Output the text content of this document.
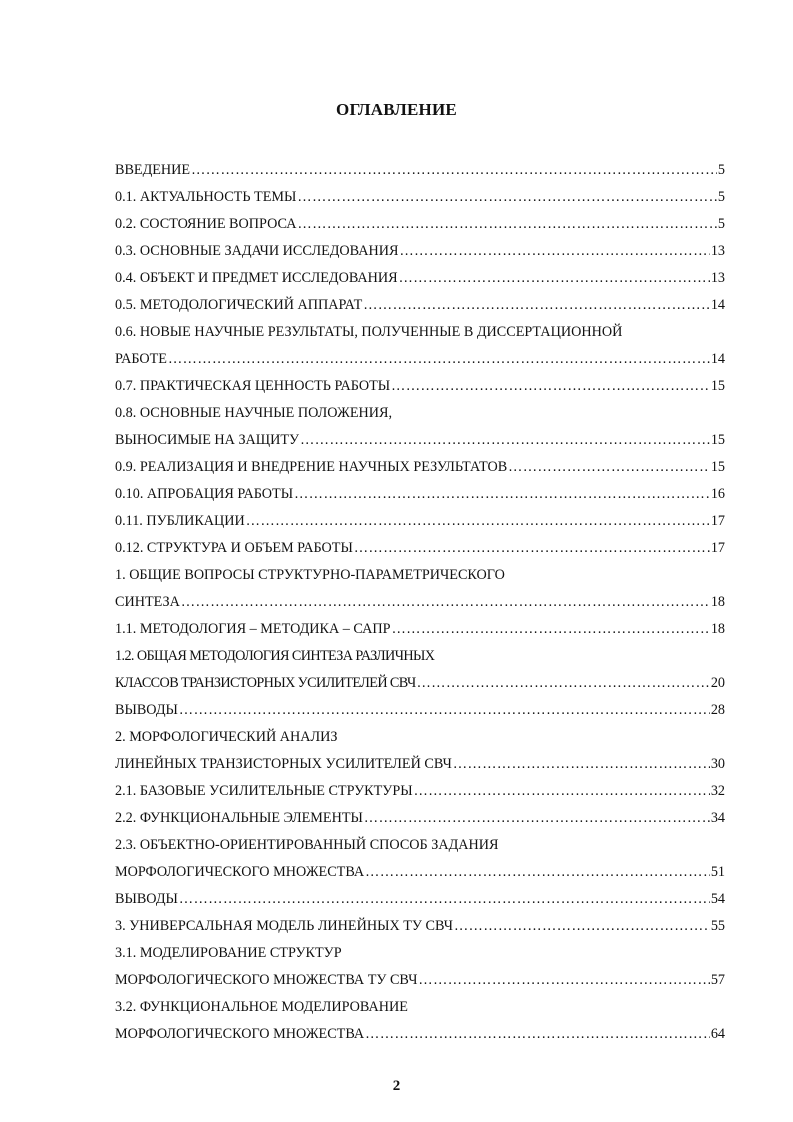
ОГЛАВЛЕНИЕ
ВВЕДЕНИЕ …………………………………………………………………………………………………………………………………………………………………………………	5
0.1. АКТУАЛЬНОСТЬ ТЕМЫ …………………………………………………………………………………………………………………………………………………………………………………	5
0.2. СОСТОЯНИЕ ВОПРОСА …………………………………………………………………………………………………………………………………………………………………………………	5
0.3. ОСНОВНЫЕ ЗАДАЧИ ИССЛЕДОВАНИЯ …………………………………………………………………………………………………………………………………………………………………………………	13
0.4. ОБЪЕКТ И ПРЕДМЕТ ИССЛЕДОВАНИЯ …………………………………………………………………………………………………………………………………………………………………………………	13
0.5. МЕТОДОЛОГИЧЕСКИЙ АППАРАТ …………………………………………………………………………………………………………………………………………………………………………………	14
0.6. НОВЫЕ НАУЧНЫЕ РЕЗУЛЬТАТЫ, ПОЛУЧЕННЫЕ В ДИССЕРТАЦИОННОЙ
РАБОТЕ …………………………………………………………………………………………………………………………………………………………………………………	14
0.7. ПРАКТИЧЕСКАЯ ЦЕННОСТЬ РАБОТЫ …………………………………………………………………………………………………………………………………………………………………………………	15
0.8. ОСНОВНЫЕ НАУЧНЫЕ ПОЛОЖЕНИЯ,
ВЫНОСИМЫЕ НА ЗАЩИТУ …………………………………………………………………………………………………………………………………………………………………………………	15
0.9. РЕАЛИЗАЦИЯ И ВНЕДРЕНИЕ НАУЧНЫХ РЕЗУЛЬТАТОВ …………………………………………………………………………………………………………………………………………………………………………………	15
0.10. АПРОБАЦИЯ РАБОТЫ …………………………………………………………………………………………………………………………………………………………………………………	16
0.11. ПУБЛИКАЦИИ …………………………………………………………………………………………………………………………………………………………………………………	17
0.12. СТРУКТУРА И ОБЪЕМ РАБОТЫ …………………………………………………………………………………………………………………………………………………………………………………	17
1. ОБЩИЕ ВОПРОСЫ СТРУКТУРНО-ПАРАМЕТРИЧЕСКОГО
СИНТЕЗА …………………………………………………………………………………………………………………………………………………………………………………	18
1.1. МЕТОДОЛОГИЯ – МЕТОДИКА – САПР …………………………………………………………………………………………………………………………………………………………………………………	18
1.2. ОБЩАЯ МЕТОДОЛОГИЯ СИНТЕЗА РАЗЛИЧНЫХ
КЛАССОВ ТРАНЗИСТОРНЫХ УСИЛИТЕЛЕЙ СВЧ …………………………………………………………………………………………………………………………………………………………………………………	20
ВЫВОДЫ …………………………………………………………………………………………………………………………………………………………………………………	28
2. МОРФОЛОГИЧЕСКИЙ АНАЛИЗ
ЛИНЕЙНЫХ ТРАНЗИСТОРНЫХ УСИЛИТЕЛЕЙ СВЧ …………………………………………………………………………………………………………………………………………………………………………………	30
2.1. БАЗОВЫЕ УСИЛИТЕЛЬНЫЕ СТРУКТУРЫ …………………………………………………………………………………………………………………………………………………………………………………	32
2.2. ФУНКЦИОНАЛЬНЫЕ ЭЛЕМЕНТЫ …………………………………………………………………………………………………………………………………………………………………………………	34
2.3. ОБЪЕКТНО-ОРИЕНТИРОВАННЫЙ СПОСОБ ЗАДАНИЯ
МОРФОЛОГИЧЕСКОГО МНОЖЕСТВА …………………………………………………………………………………………………………………………………………………………………………………	51
ВЫВОДЫ …………………………………………………………………………………………………………………………………………………………………………………	54
3. УНИВЕРСАЛЬНАЯ МОДЕЛЬ ЛИНЕЙНЫХ ТУ СВЧ …………………………………………………………………………………………………………………………………………………………………………………	55
3.1. МОДЕЛИРОВАНИЕ СТРУКТУР
МОРФОЛОГИЧЕСКОГО МНОЖЕСТВА ТУ СВЧ …………………………………………………………………………………………………………………………………………………………………………………	57
3.2. ФУНКЦИОНАЛЬНОЕ МОДЕЛИРОВАНИЕ
МОРФОЛОГИЧЕСКОГО МНОЖЕСТВА …………………………………………………………………………………………………………………………………………………………………………………	64
2
